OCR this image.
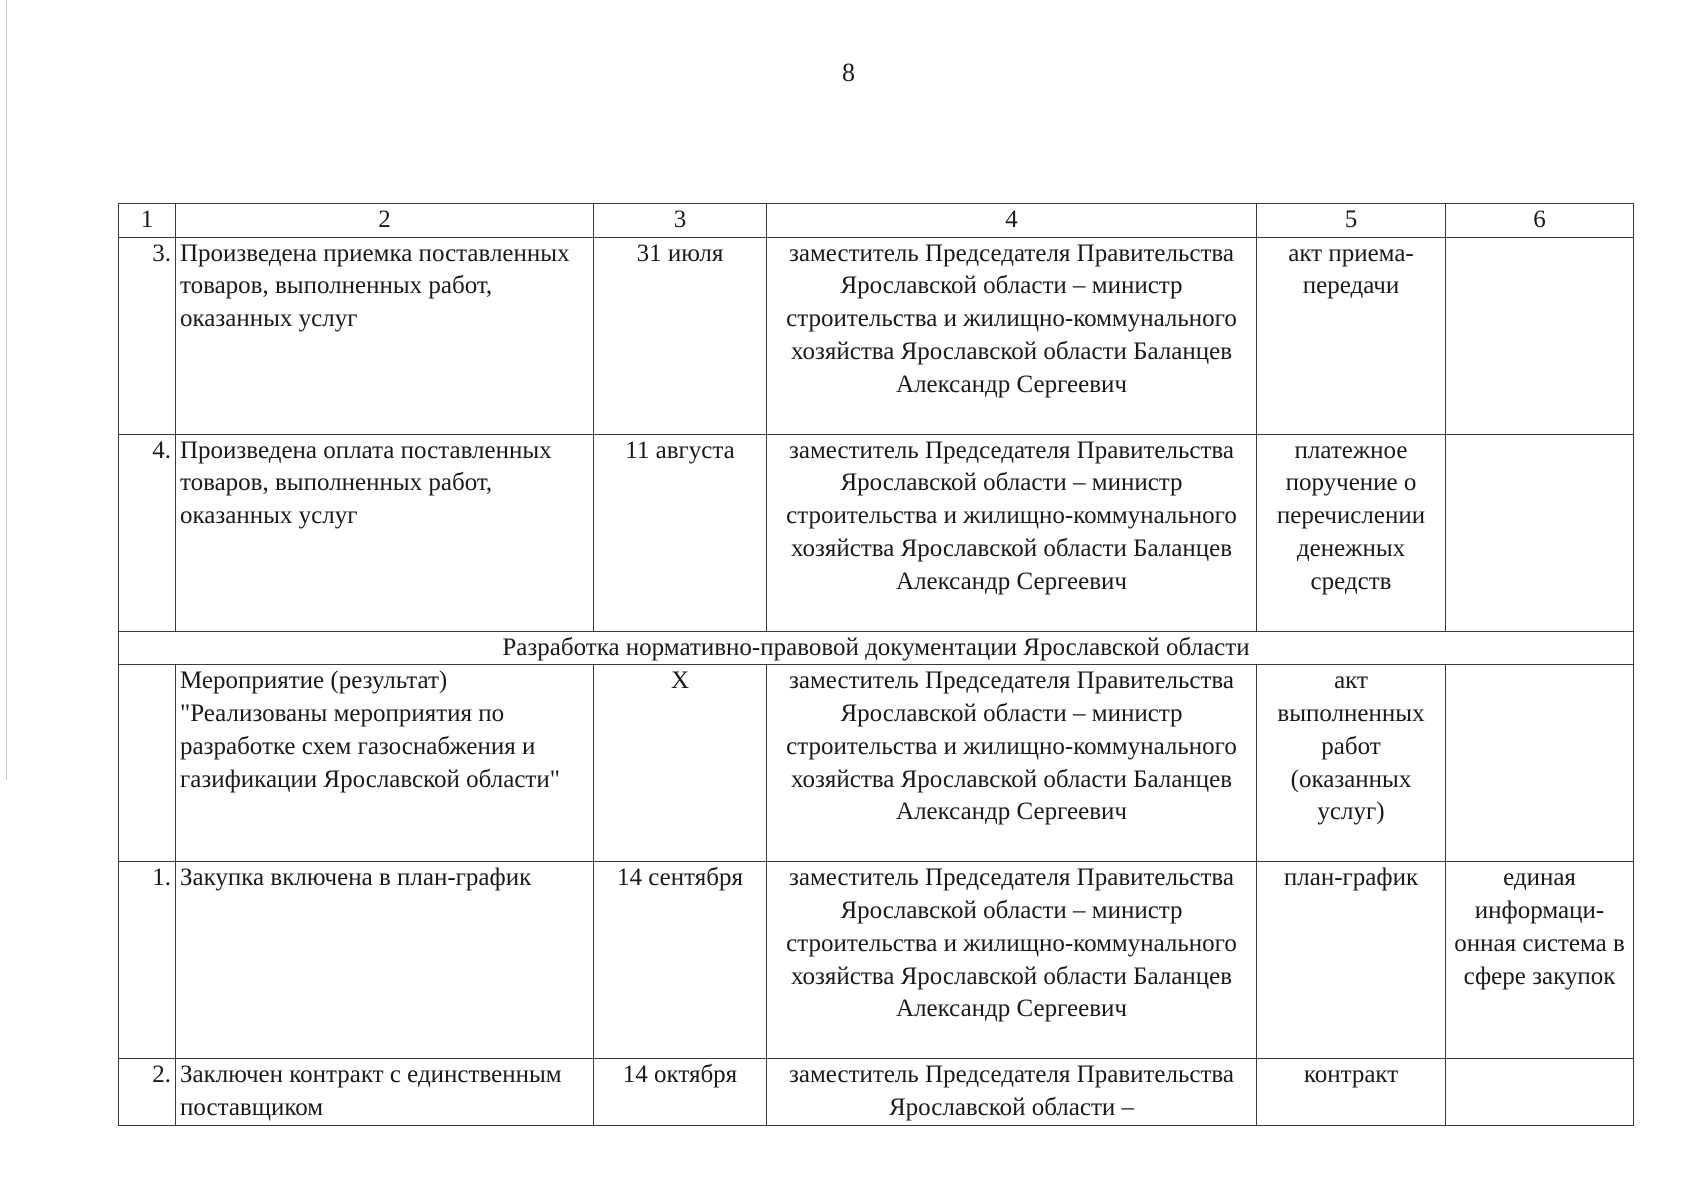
8
1	2	3	4	5	6
3.	Произведена приемка поставленных товаров, выполненных работ, оказанных услуг	31 июля	заместитель Председателя Правительства Ярославской области – министр строительства и жилищно-коммунального хозяйства Ярославской области Баланцев Александр Сергеевич	акт приема-передачи	
4.	Произведена оплата поставленных товаров, выполненных работ, оказанных услуг	11 августа	заместитель Председателя Правительства Ярославской области – министр строительства и жилищно-коммунального хозяйства Ярославской области Баланцев Александр Сергеевич	платежное поручение о перечислении денежных средств	
Разработка нормативно-правовой документации Ярославской области					
	Мероприятие (результат) "Реализованы мероприятия по разработке схем газоснабжения и газификации Ярославской области"	X	заместитель Председателя Правительства Ярославской области – министр строительства и жилищно-коммунального хозяйства Ярославской области Баланцев Александр Сергеевич	акт выполненных работ (оказанных услуг)	
1.	Закупка включена в план-график	14 сентября	заместитель Председателя Правительства Ярославской области – министр строительства и жилищно-коммунального хозяйства Ярославской области Баланцев Александр Сергеевич	план-график	единая информаци-онная система в сфере закупок
2.	Заключен контракт с единственным поставщиком	14 октября	заместитель Председателя Правительства Ярославской области –	контракт	
